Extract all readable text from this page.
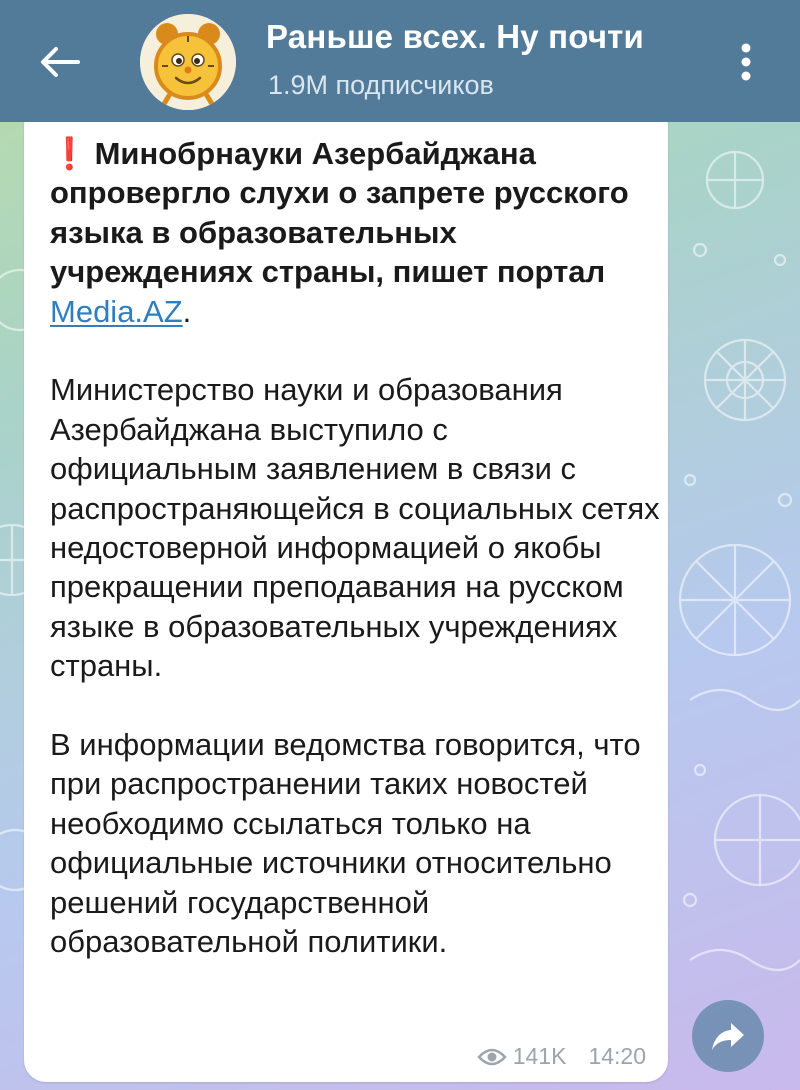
Раньше всех. Ну почти
1.9M подписчиков

❗ Минобрнауки Азербайджана опровергло слухи о запрете русского языка в образовательных учреждениях страны, пишет портал Media.AZ.

Министерство науки и образования Азербайджана выступило с официальным заявлением в связи с распространяющейся в социальных сетях недостоверной информацией о якобы прекращении преподавания на русском языке в образовательных учреждениях страны.

В информации ведомства говорится, что при распространении таких новостей необходимо ссылаться только на официальные источники относительно решений государственной образовательной политики.

141K 14:20
